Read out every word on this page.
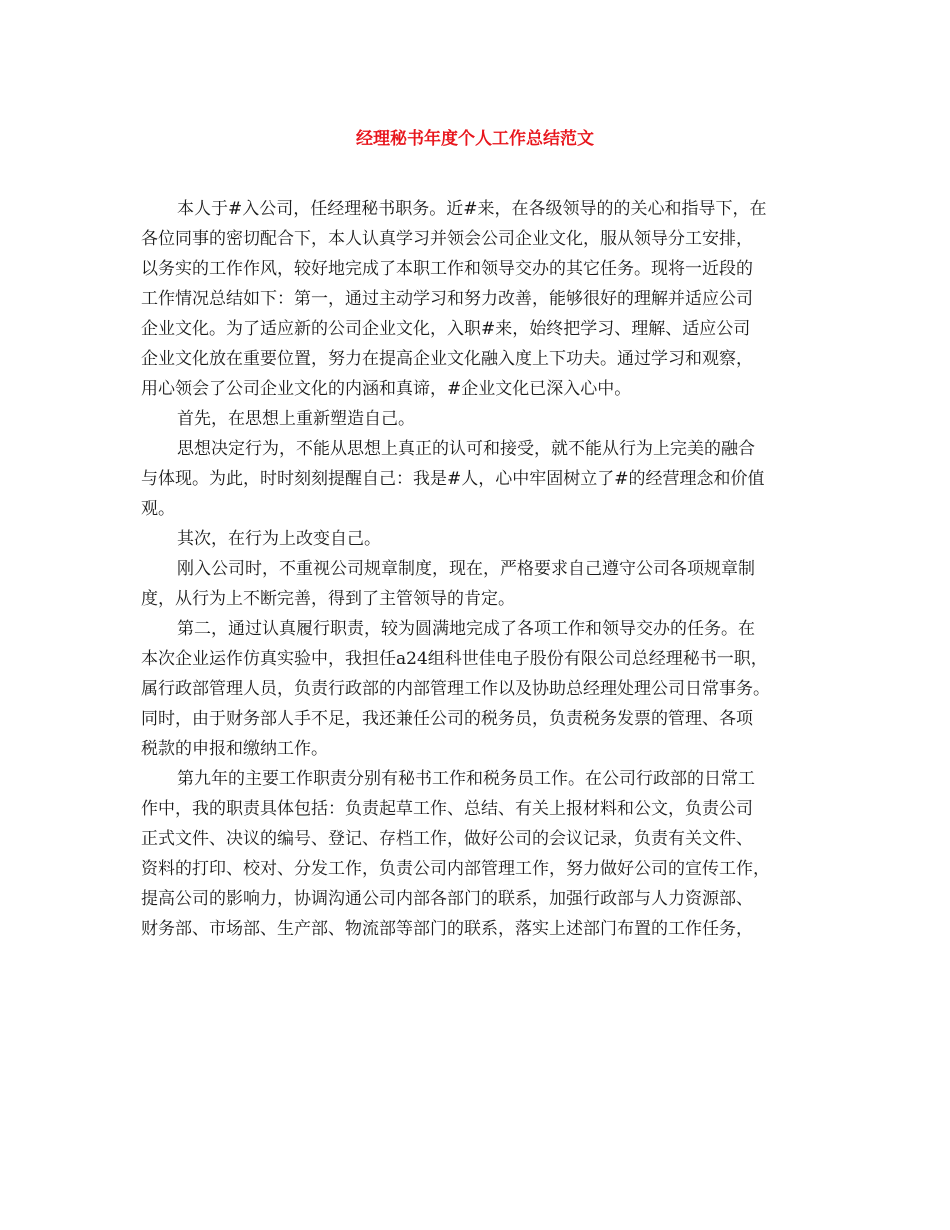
经理秘书年度个人工作总结范文
本人于#入公司，任经理秘书职务。近#来，在各级领导的的关心和指导下，在
各位同事的密切配合下，本人认真学习并领会公司企业文化，服从领导分工安排，
以务实的工作作风，较好地完成了本职工作和领导交办的其它任务。现将一近段的
工作情况总结如下：第一，通过主动学习和努力改善，能够很好的理解并适应公司
企业文化。为了适应新的公司企业文化，入职#来，始终把学习、理解、适应公司
企业文化放在重要位置，努力在提高企业文化融入度上下功夫。通过学习和观察，
用心领会了公司企业文化的内涵和真谛，#企业文化已深入心中。
首先，在思想上重新塑造自己。
思想决定行为，不能从思想上真正的认可和接受，就不能从行为上完美的融合
与体现。为此，时时刻刻提醒自己：我是#人，心中牢固树立了#的经营理念和价值
观。
其次，在行为上改变自己。
刚入公司时，不重视公司规章制度，现在，严格要求自己遵守公司各项规章制
度，从行为上不断完善，得到了主管领导的肯定。
第二，通过认真履行职责，较为圆满地完成了各项工作和领导交办的任务。在
本次企业运作仿真实验中，我担任a24组科世佳电子股份有限公司总经理秘书一职，
属行政部管理人员，负责行政部的内部管理工作以及协助总经理处理公司日常事务。
同时，由于财务部人手不足，我还兼任公司的税务员，负责税务发票的管理、各项
税款的申报和缴纳工作。
第九年的主要工作职责分别有秘书工作和税务员工作。在公司行政部的日常工
作中，我的职责具体包括：负责起草工作、总结、有关上报材料和公文，负责公司
正式文件、决议的编号、登记、存档工作，做好公司的会议记录，负责有关文件、
资料的打印、校对、分发工作，负责公司内部管理工作，努力做好公司的宣传工作，
提高公司的影响力，协调沟通公司内部各部门的联系，加强行政部与人力资源部、
财务部、市场部、生产部、物流部等部门的联系，落实上述部门布置的工作任务，
